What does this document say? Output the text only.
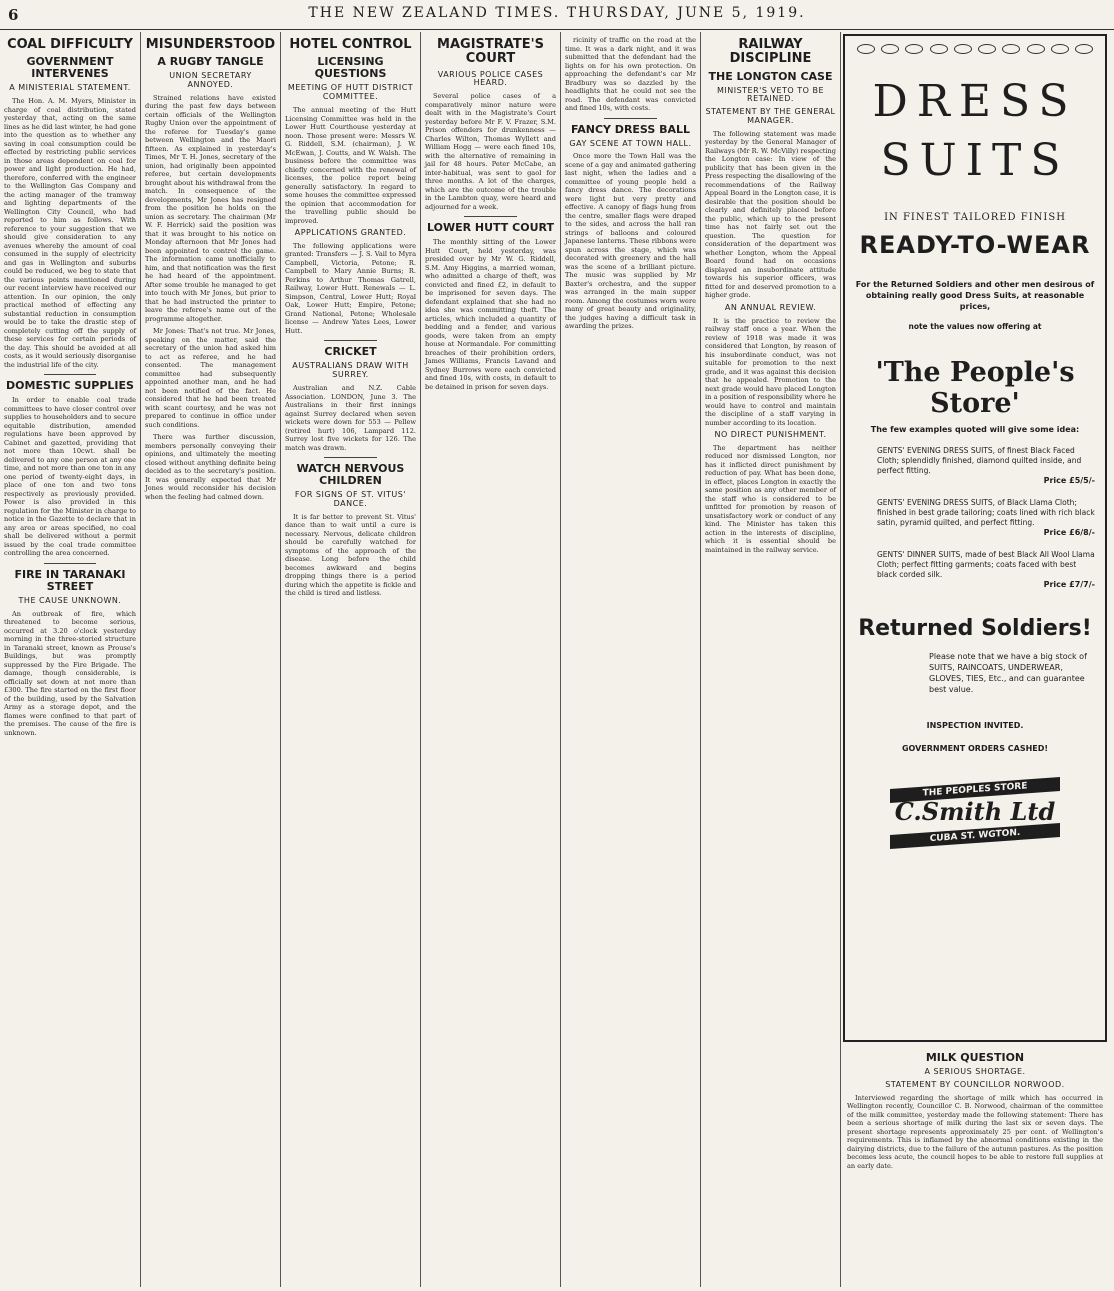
6	THE NEW ZEALAND TIMES. THURSDAY, JUNE 5, 1919.
COAL DIFFICULTY
GOVERNMENT INTERVENES
A MINISTERIAL STATEMENT.

The Hon. A. M. Myers, Minister in charge of coal distribution, stated yesterday that, acting on the same lines as he did last winter, he had gone into the question as to whether any saving in coal consumption could be effected by restricting public services in those areas dependent on coal for power and light production. He had, therefore, conferred with the engineer to the Wellington Gas Company and the acting manager of the tramway and lighting departments of the Wellington City Council, who had reported to him as follows. With reference to your suggestion that we should give consideration to any avenues whereby the amount of coal consumed in the supply of electricity and gas in Wellington and suburbs could be reduced, we beg to state that the various points mentioned during our recent interview have received our attention. In our opinion, the only practical method of effecting any substantial reduction in consumption would be to take the drastic step of completely cutting off the supply of these services for certain periods of the day. This should be avoided at all costs, as it would seriously disorganise the industrial life of the city.

DOMESTIC SUPPLIES

In order to enable coal trade committees to have closer control over supplies to householders and to secure equitable distribution, amended regulations have been approved by Cabinet and gazetted, providing that not more than 10cwt. shall be delivered to any one person at any one time, and not more than one ton in any one period of twenty-eight days, in place of one ton and two tons respectively as previously provided. Power is also provided in this regulation for the Minister in charge to notice in the Gazette to declare that in any area or areas specified, no coal shall be delivered without a permit issued by the coal trade committee controlling the area concerned.

FIRE IN TARANAKI STREET
THE CAUSE UNKNOWN.

An outbreak of fire, which threatened to become serious, occurred at 3.20 o'clock yesterday morning in the three-storied structure in Taranaki street, known as Prouse's Buildings, but was promptly suppressed by the Fire Brigade. The damage, though considerable, is officially set down at not more than £300. The fire started on the first floor of the building, used by the Salvation Army as a storage depot, and the flames were confined to that part of the premises. The cause of the fire is unknown.

MISUNDERSTOOD
A RUGBY TANGLE
UNION SECRETARY ANNOYED.

Strained relations have existed during the past few days between certain officials of the Wellington Rugby Union over the appointment of the referee for Tuesday's game between Wellington and the Maori fifteen. As explained in yesterday's Times, Mr T. H. Jones, secretary of the union, had originally been appointed referee, but certain developments brought about his withdrawal from the match. In consequence of the developments, Mr Jones has resigned from the position he holds on the union as secretary. The chairman (Mr W. F. Herrick) said the position was that it was brought to his notice on Monday afternoon that Mr Jones had been appointed to control the game. The information came unofficially to him, and that notification was the first he had heard of the appointment. After some trouble he managed to get into touch with Mr Jones, but prior to that he had instructed the printer to leave the referee's name out of the programme altogether.

Mr Jones: That's not true. Mr Jones, speaking on the matter, said the secretary of the union had asked him to act as referee, and he had consented. The management committee had subsequently appointed another man, and he had not been notified of the fact. He considered that he had been treated with scant courtesy, and he was not prepared to continue in office under such conditions.

There was further discussion, members personally conveying their opinions, and ultimately the meeting closed without anything definite being decided as to the secretary's position. It was generally expected that Mr Jones would reconsider his decision when the feeling had calmed down.

HOTEL CONTROL
LICENSING QUESTIONS
MEETING OF HUTT DISTRICT COMMITTEE.

The annual meeting of the Hutt Licensing Committee was held in the Lower Hutt Courthouse yesterday at noon. Those present were: Messrs W. G. Riddell, S.M. (chairman), J. W. McEwan, J. Coutts, and W. Walsh. The business before the committee was chiefly concerned with the renewal of licenses, the police report being generally satisfactory. In regard to some houses the committee expressed the opinion that accommodation for the travelling public should be improved.

APPLICATIONS GRANTED.

The following applications were granted: Transfers — J. S. Vail to Myra Campbell, Victoria, Petone; R. Campbell to Mary Annie Burns; R. Perkins to Arthur Thomas Gatrell, Railway, Lower Hutt. Renewals — L. Simpson, Central, Lower Hutt; Royal Oak, Lower Hutt; Empire, Petone; Grand National, Petone; Wholesale license — Andrew Yates Lees, Lower Hutt.

CRICKET
AUSTRALIANS DRAW WITH SURREY.

Australian and N.Z. Cable Association. LONDON, June 3. The Australians in their first innings against Surrey declared when seven wickets were down for 553 — Pellew (retired hurt) 106, Lampard 112. Surrey lost five wickets for 126. The match was drawn.

WATCH NERVOUS CHILDREN
FOR SIGNS OF ST. VITUS' DANCE.

It is far better to prevent St. Vitus' dance than to wait until a cure is necessary. Nervous, delicate children should be carefully watched for symptoms of the approach of the disease. Long before the child becomes awkward and begins dropping things there is a period during which the appetite is fickle and the child is tired and listless.

MAGISTRATE'S COURT
VARIOUS POLICE CASES HEARD.

Several police cases of a comparatively minor nature were dealt with in the Magistrate's Court yesterday before Mr F. V. Frazer, S.M. Prison offenders for drunkenness — Charles Wilton, Thomas Wyllett and William Hogg — were each fined 10s, with the alternative of remaining in jail for 48 hours. Peter McCabe, an inter-habitual, was sent to gaol for three months. A lot of the charges, which are the outcome of the trouble in the Lambton quay, were heard and adjourned for a week.

LOWER HUTT COURT

The monthly sitting of the Lower Hutt Court, held yesterday, was presided over by Mr W. G. Riddell, S.M. Amy Higgins, a married woman, who admitted a charge of theft, was convicted and fined £2, in default to be imprisoned for seven days. The defendant explained that she had no idea she was committing theft. The articles, which included a quantity of bedding and a fender, and various goods, were taken from an empty house at Normandale. For committing breaches of their prohibition orders, James Williams, Francis Lavand and Sydney Burrows were each convicted and fined 10s, with costs, in default to be detained in prison for seven days.

ricinity of traffic on the road at the time. It was a dark night, and it was submitted that the defendant had the lights on for his own protection. On approaching the defendant's car Mr Bradbury was so dazzled by the headlights that he could not see the road. The defendant was convicted and fined 10s, with costs.

FANCY DRESS BALL
GAY SCENE AT TOWN HALL.

Once more the Town Hall was the scene of a gay and animated gathering last night, when the ladies and a committee of young people held a fancy dress dance. The decorations were light but very pretty and effective. A canopy of flags hung from the centre, smaller flags were draped to the sides, and across the hall ran strings of balloons and coloured Japanese lanterns. These ribbons were spun across the stage, which was decorated with greenery and the hall was the scene of a brilliant picture. The music was supplied by Mr Baxter's orchestra, and the supper was arranged in the main supper room. Among the costumes worn were many of great beauty and originality, the judges having a difficult task in awarding the prizes.

RAILWAY DISCIPLINE
THE LONGTON CASE
MINISTER'S VETO TO BE RETAINED.
STATEMENT BY THE GENERAL MANAGER.

The following statement was made yesterday by the General Manager of Railways (Mr R. W. McVilly) respecting the Longton case: In view of the publicity that has been given in the Press respecting the disallowing of the recommendations of the Railway Appeal Board in the Longton case, it is desirable that the position should be clearly and definitely placed before the public, which up to the present time has not fairly set out the question. The question for consideration of the department was whether Longton, whom the Appeal Board found had on occasions displayed an insubordinate attitude towards his superior officers, was fitted for and deserved promotion to a higher grade.

AN ANNUAL REVIEW.

It is the practice to review the railway staff once a year. When the review of 1918 was made it was considered that Longton, by reason of his insubordinate conduct, was not suitable for promotion to the next grade, and it was against this decision that he appealed. Promotion to the next grade would have placed Longton in a position of responsibility where he would have to control and maintain the discipline of a staff varying in number according to its location.

NO DIRECT PUNISHMENT.

The department has neither reduced nor dismissed Longton, nor has it inflicted direct punishment by reduction of pay. What has been done, in effect, places Longton in exactly the same position as any other member of the staff who is considered to be unfitted for promotion by reason of unsatisfactory work or conduct of any kind. The Minister has taken this action in the interests of discipline, which it is essential should be maintained in the railway service.

DRESS
SUITS
IN FINEST TAILORED FINISH
READY-TO-WEAR
For the Returned Soldiers and other men desirous of obtaining really good Dress Suits, at reasonable prices,
note the values now offering at
'The People's Store'
The few examples quoted will give some idea:
GENTS' EVENING DRESS SUITS, of finest Black Faced Cloth; splendidly finished, diamond quilted inside, and perfect fitting.
Price £5/5/-
GENTS' EVENING DRESS SUITS, of Black Llama Cloth; finished in best grade tailoring; coats lined with rich black satin, pyramid quilted, and perfect fitting.
Price £6/8/-
GENTS' DINNER SUITS, made of best Black All Wool Llama Cloth; perfect fitting garments; coats faced with best black corded silk.
Price £7/7/-
Returned Soldiers!
Please note that we have a big stock of SUITS, RAINCOATS, UNDERWEAR, GLOVES, TIES, Etc., and can guarantee best value.
INSPECTION INVITED.
GOVERNMENT ORDERS CASHED!
THE PEOPLES STORE
C.Smith Ltd
CUBA ST. WGTON.
MILK QUESTION
A SERIOUS SHORTAGE.
STATEMENT BY COUNCILLOR NORWOOD.

Interviewed regarding the shortage of milk which has occurred in Wellington recently, Councillor C. B. Norwood, chairman of the committee of the milk committee, yesterday made the following statement: There has been a serious shortage of milk during the last six or seven days. The present shortage represents approximately 25 per cent. of Wellington's requirements. This is inflamed by the abnormal conditions existing in the dairying districts, due to the failure of the autumn pastures. As the position becomes less acute, the council hopes to be able to restore full supplies at an early date.
